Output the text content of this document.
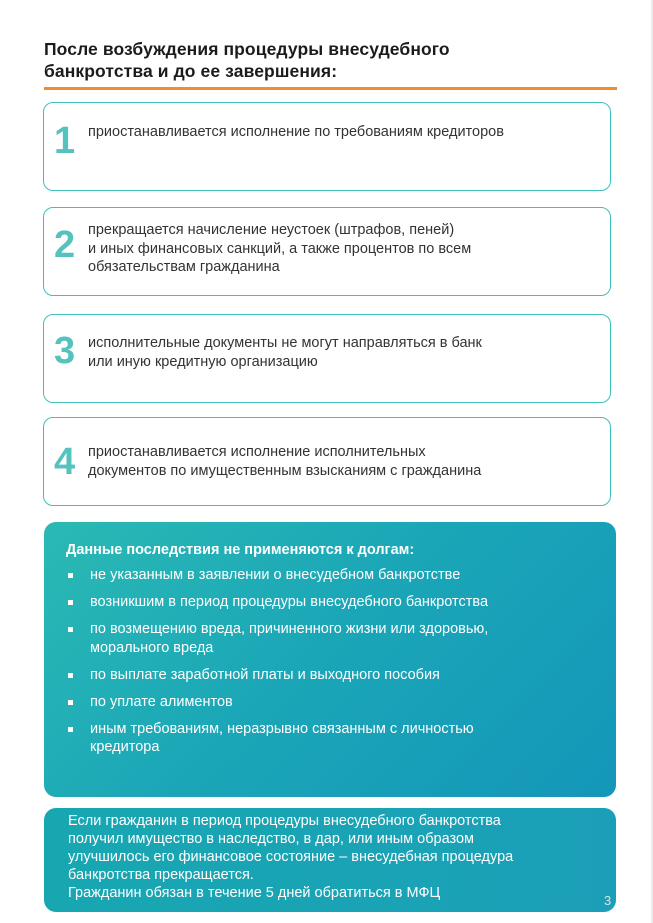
После возбуждения процедуры внесудебного
банкротства и до ее завершения:
1 приостанавливается исполнение по требованиям кредиторов
2 прекращается начисление неустоек (штрафов, пеней)
и иных финансовых санкций, а также процентов по всем
обязательствам гражданина
3 исполнительные документы не могут направляться в банк
или иную кредитную организацию
4 приостанавливается исполнение исполнительных
документов по имущественным взысканиям с гражданина
Данные последствия не применяются к долгам:
не указанным в заявлении о внесудебном банкротстве
возникшим в период процедуры внесудебного банкротства
по возмещению вреда, причиненного жизни или здоровью,
морального вреда
по выплате заработной платы и выходного пособия
по уплате алиментов
иным требованиям, неразрывно связанным с личностью
кредитора
Если гражданин в период процедуры внесудебного банкротства
получил имущество в наследство, в дар, или иным образом
улучшилось его финансовое состояние – внесудебная процедура
банкротства прекращается.
Гражданин обязан в течение 5 дней обратиться в МФЦ	3
